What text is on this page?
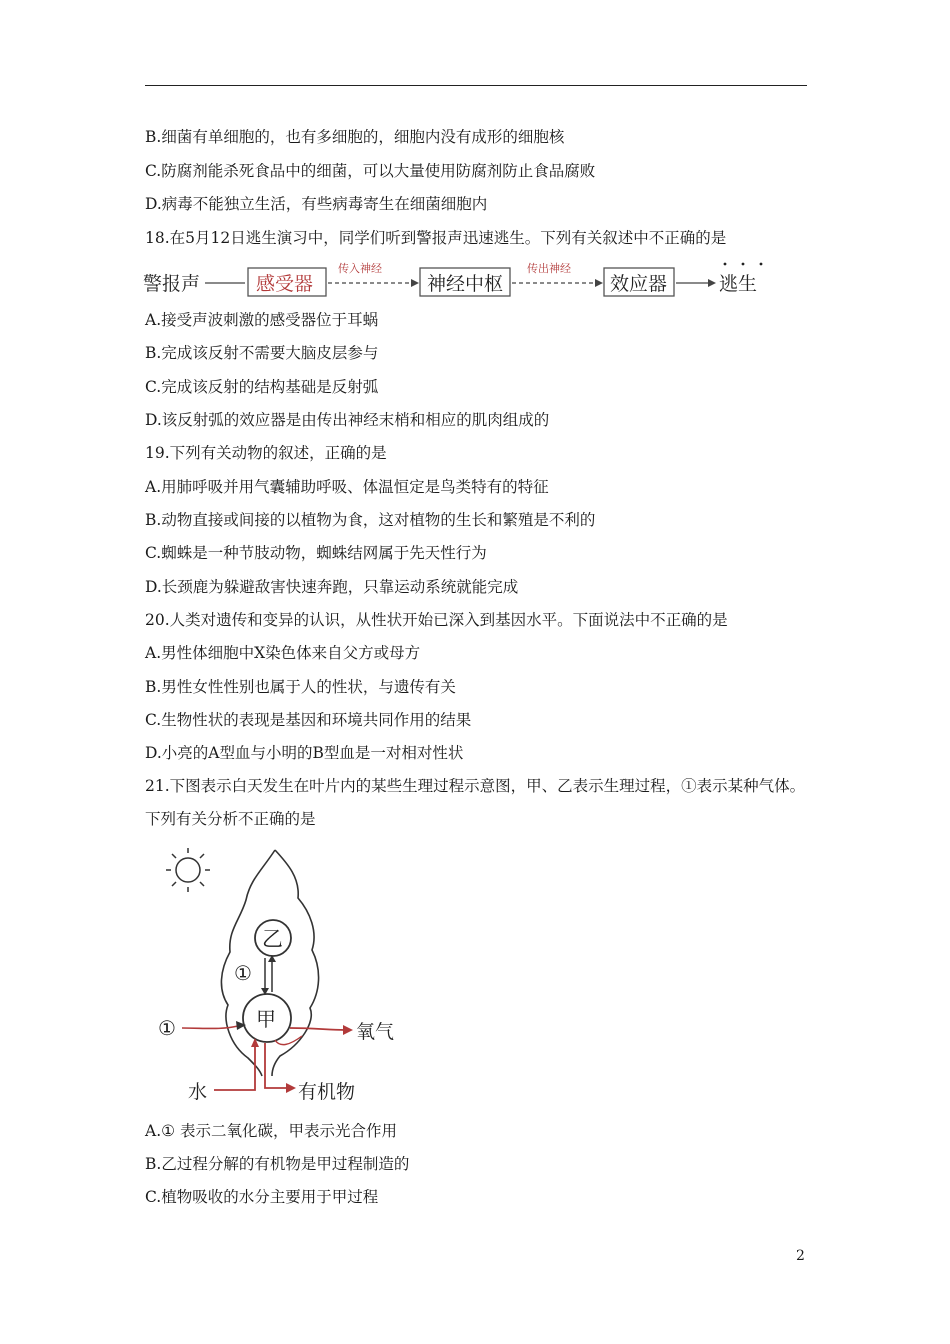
B.细菌有单细胞的，也有多细胞的，细胞内没有成形的细胞核
C.防腐剂能杀死食品中的细菌，可以大量使用防腐剂防止食品腐败
D.病毒不能独立生活，有些病毒寄生在细菌细胞内
18.在5月12日逃生演习中，同学们听到警报声迅速逃生。下列有关叙述中不正确的是
警报声	感受器
传入神经
神经中枢
传出神经
效应器	逃生
A.接受声波刺激的感受器位于耳蜗
B.完成该反射不需要大脑皮层参与
C.完成该反射的结构基础是反射弧
D.该反射弧的效应器是由传出神经末梢和相应的肌肉组成的
19.下列有关动物的叙述，正确的是
A.用肺呼吸并用气囊辅助呼吸、体温恒定是鸟类特有的特征
B.动物直接或间接的以植物为食，这对植物的生长和繁殖是不利的
C.蜘蛛是一种节肢动物，蜘蛛结网属于先天性行为
D.长颈鹿为躲避敌害快速奔跑，只靠运动系统就能完成
20.人类对遗传和变异的认识，从性状开始已深入到基因水平。下面说法中不正确的是
A.男性体细胞中X染色体来自父方或母方
B.男性女性性别也属于人的性状，与遗传有关
C.生物性状的表现是基因和环境共同作用的结果
D.小亮的A型血与小明的B型血是一对相对性状
21.下图表示白天发生在叶片内的某些生理过程示意图，甲、乙表示生理过程，①表示某种气体。下列有关分析不正确的是
乙
甲
①
①	氧气
水	有机物
A.① 表示二氧化碳，甲表示光合作用
B.乙过程分解的有机物是甲过程制造的
C.植物吸收的水分主要用于甲过程
2
